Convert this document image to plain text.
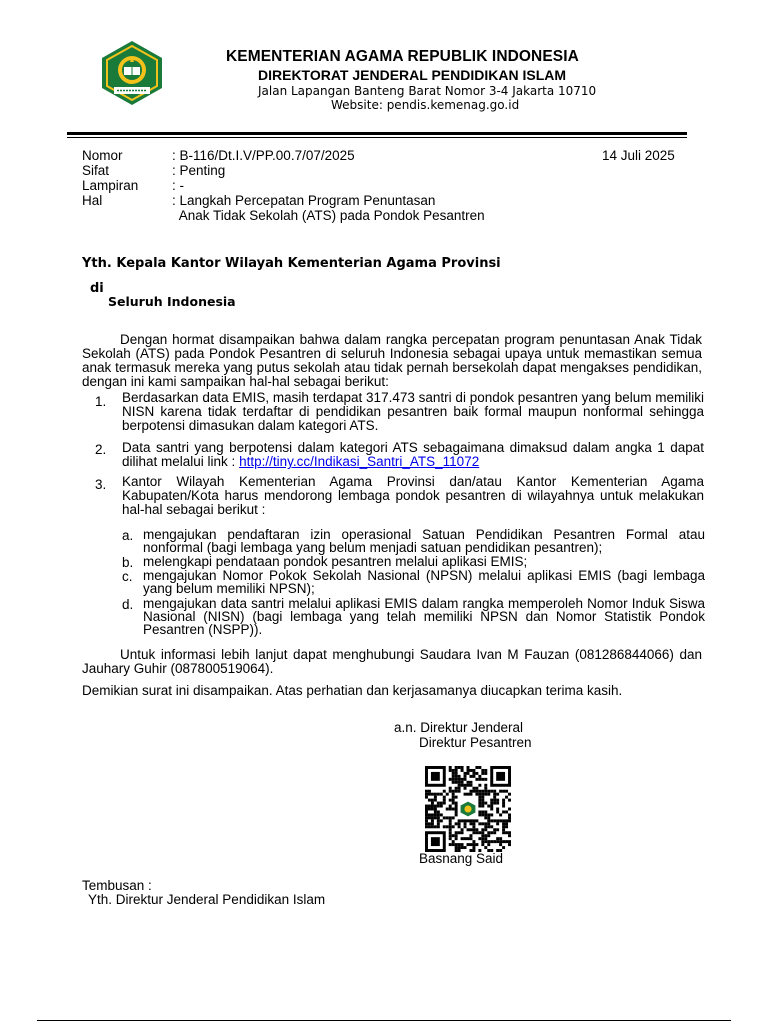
KEMENTERIAN AGAMA REPUBLIK INDONESIA
DIREKTORAT JENDERAL PENDIDIKAN ISLAM
Jalan Lapangan Banteng Barat Nomor 3-4 Jakarta 10710
Website: pendis.kemenag.go.id
Nomor	: B-116/Dt.I.V/PP.00.7/07/2025	14 Juli 2025
Sifat	: Penting
Lampiran : -
Hal	: Langkah Percepatan Program Penuntasan
Anak Tidak Sekolah (ATS) pada Pondok Pesantren
Yth. Kepala Kantor Wilayah Kementerian Agama Provinsi
di
Seluruh Indonesia
Dengan hormat disampaikan bahwa dalam rangka percepatan program penuntasan Anak Tidak Sekolah (ATS) pada Pondok Pesantren di seluruh Indonesia sebagai upaya untuk memastikan semua anak termasuk mereka yang putus sekolah atau tidak pernah bersekolah dapat mengakses pendidikan, dengan ini kami sampaikan hal-hal sebagai berikut:
1. Berdasarkan data EMIS, masih terdapat 317.473 santri di pondok pesantren yang belum memiliki NISN karena tidak terdaftar di pendidikan pesantren baik formal maupun nonformal sehingga berpotensi dimasukan dalam kategori ATS.
2. Data santri yang berpotensi dalam kategori ATS sebagaimana dimaksud dalam angka 1 dapat dilihat melalui link : http://tiny.cc/Indikasi_Santri_ATS_11072
3. Kantor Wilayah Kementerian Agama Provinsi dan/atau Kantor Kementerian Agama Kabupaten/Kota harus mendorong lembaga pondok pesantren di wilayahnya untuk melakukan hal-hal sebagai berikut :
a. mengajukan pendaftaran izin operasional Satuan Pendidikan Pesantren Formal atau nonformal (bagi lembaga yang belum menjadi satuan pendidikan pesantren);
b. melengkapi pendataan pondok pesantren melalui aplikasi EMIS;
c. mengajukan Nomor Pokok Sekolah Nasional (NPSN) melalui aplikasi EMIS (bagi lembaga yang belum memiliki NPSN);
d. mengajukan data santri melalui aplikasi EMIS dalam rangka memperoleh Nomor Induk Siswa Nasional (NISN) (bagi lembaga yang telah memiliki NPSN dan Nomor Statistik Pondok Pesantren (NSPP)).
Untuk informasi lebih lanjut dapat menghubungi Saudara Ivan M Fauzan (081286844066) dan Jauhary Guhir (087800519064).
Demikian surat ini disampaikan. Atas perhatian dan kerjasamanya diucapkan terima kasih.
a.n. Direktur Jenderal
Direktur Pesantren
Basnang Said
Tembusan :
Yth. Direktur Jenderal Pendidikan Islam
